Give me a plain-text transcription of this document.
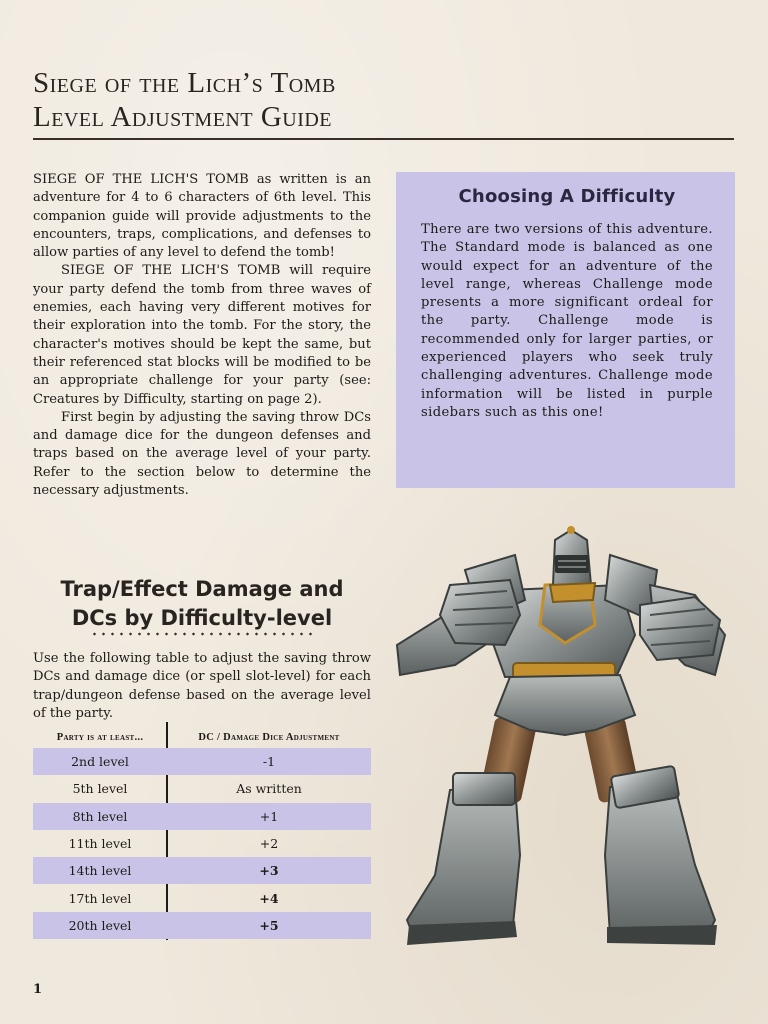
Siege of the Lich’s Tomb
Level Adjustment Guide

SIEGE OF THE LICH'S TOMB as written is an adventure for 4 to 6 characters of 6th level. This companion guide will provide adjustments to the encounters, traps, complications, and defenses to allow parties of any level to defend the tomb!

SIEGE OF THE LICH'S TOMB will require your party defend the tomb from three waves of enemies, each having very different motives for their exploration into the tomb. For the story, the character's motives should be kept the same, but their referenced stat blocks will be modified to be an appropriate challenge for your party (see: Creatures by Difficulty, starting on page 2).

First begin by adjusting the saving throw DCs and damage dice for the dungeon defenses and traps based on the average level of your party. Refer to the section below to determine the necessary adjustments.

Choosing A Difficulty

There are two versions of this adventure. The Standard mode is balanced as one would expect for an adventure of the level range, whereas Challenge mode presents a more significant ordeal for the party. Challenge mode is recommended only for larger parties, or experienced players who seek truly challenging adventures. Challenge mode information will be listed in purple sidebars such as this one!

Trap/Effect Damage and
DCs by Difficulty-level

Use the following table to adjust the saving throw DCs and damage dice (or spell slot-level) for each trap/dungeon defense based on the average level of the party.

Party is at least...	DC / Damage Dice Adjustment
2nd level	-1
5th level	As written
8th level	+1
11th level	+2
14th level	+3
17th level	+4
20th level	+5
1
